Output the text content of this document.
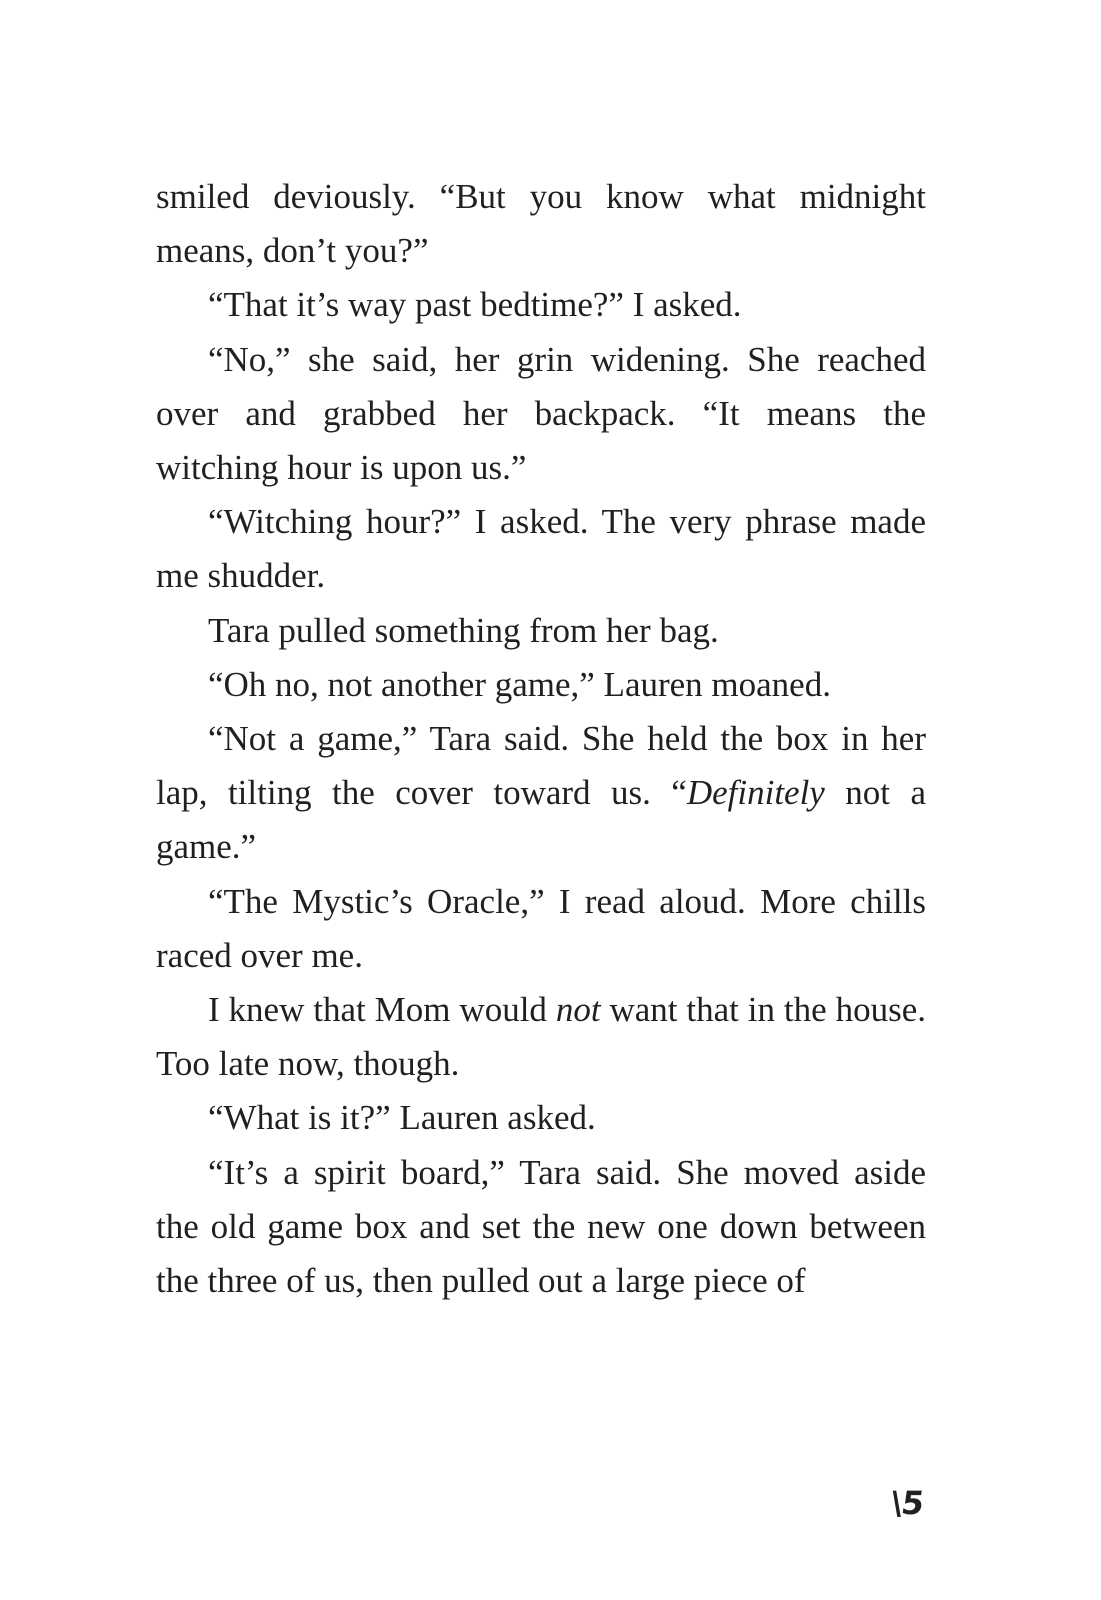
smiled deviously. “But you know what midnight means, don’t you?”

“That it’s way past bedtime?” I asked.

“No,” she said, her grin widening. She reached over and grabbed her backpack. “It means the witching hour is upon us.”

“Witching hour?” I asked. The very phrase made me shudder.

Tara pulled something from her bag.

“Oh no, not another game,” Lauren moaned.

“Not a game,” Tara said. She held the box in her lap, tilting the cover toward us. “Definitely not a game.”

“The Mystic’s Oracle,” I read aloud. More chills raced over me.

I knew that Mom would not want that in the house. Too late now, though.

“What is it?” Lauren asked.

“It’s a spirit board,” Tara said. She moved aside the old game box and set the new one down between the three of us, then pulled out a large piece of

\5
